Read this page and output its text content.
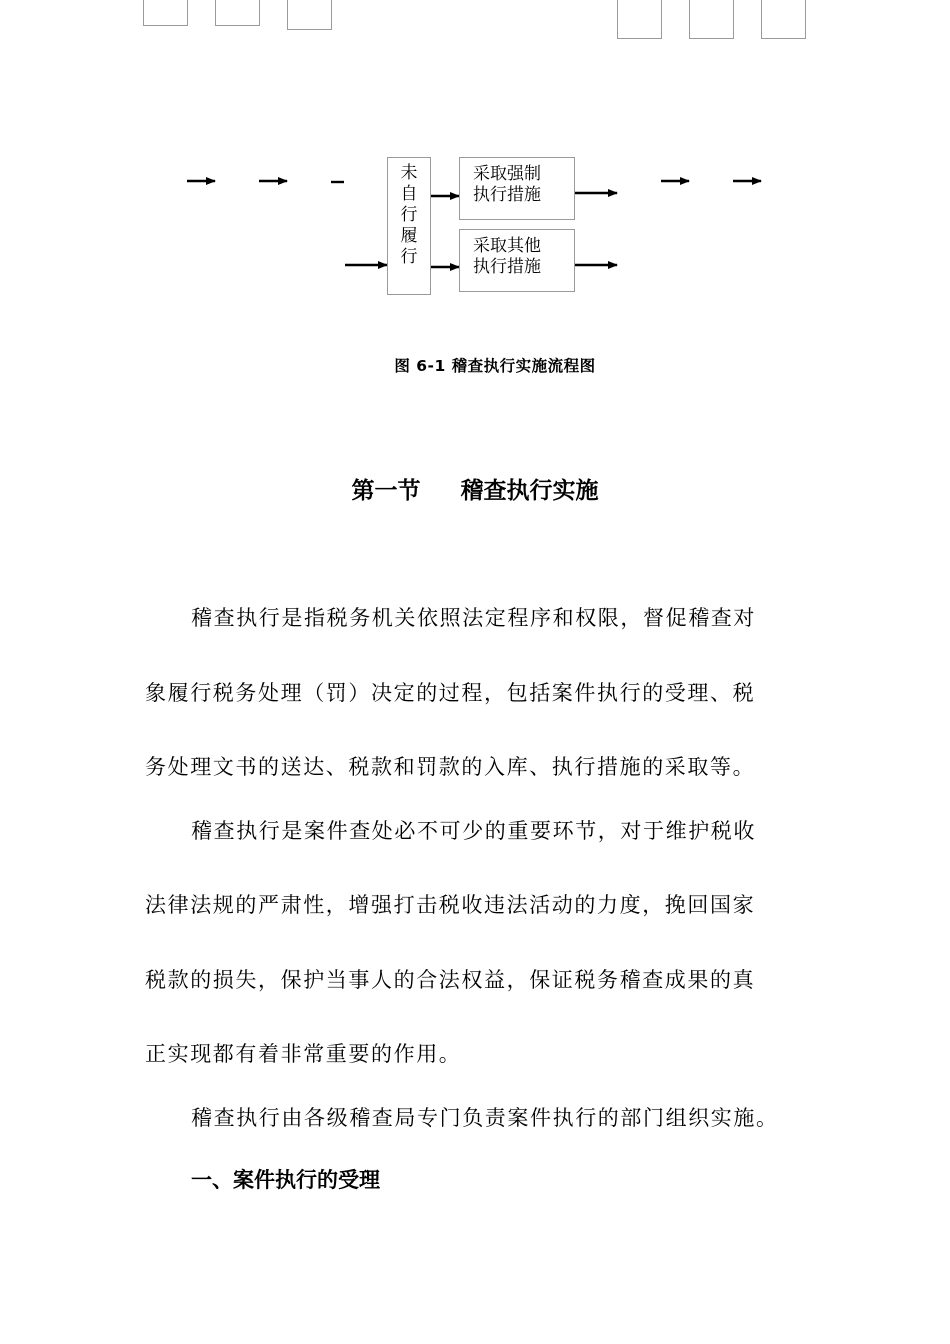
未
自
行
履
行
采取强制
执行措施
采取其他
执行措施
图 6-1 稽查执行实施流程图
第一节 稽查执行实施
稽查执行是指税务机关依照法定程序和权限，督促稽查对
象履行税务处理（罚）决定的过程，包括案件执行的受理、税
务处理文书的送达、税款和罚款的入库、执行措施的采取等。
稽查执行是案件查处必不可少的重要环节，对于维护税收
法律法规的严肃性，增强打击税收违法活动的力度，挽回国家
税款的损失，保护当事人的合法权益，保证税务稽查成果的真
正实现都有着非常重要的作用。
稽查执行由各级稽查局专门负责案件执行的部门组织实施。
一、案件执行的受理
